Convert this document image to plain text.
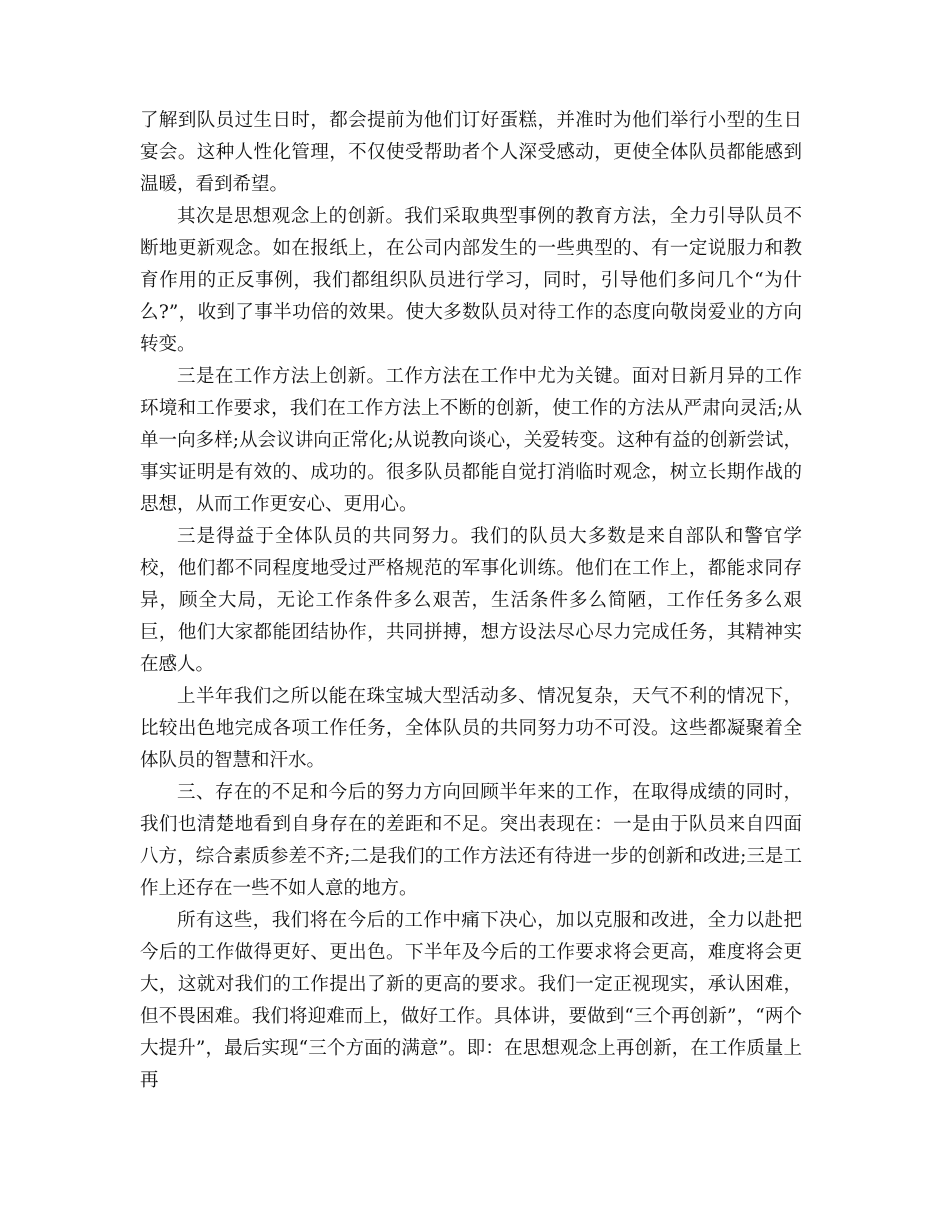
了解到队员过生日时，都会提前为他们订好蛋糕，并准时为他们举行小型的生日宴会。这种人性化管理，不仅使受帮助者个人深受感动，更使全体队员都能感到温暖，看到希望。

其次是思想观念上的创新。我们采取典型事例的教育方法，全力引导队员不断地更新观念。如在报纸上，在公司内部发生的一些典型的、有一定说服力和教育作用的正反事例，我们都组织队员进行学习，同时，引导他们多问几个“为什么?”，收到了事半功倍的效果。使大多数队员对待工作的态度向敬岗爱业的方向转变。

三是在工作方法上创新。工作方法在工作中尤为关键。面对日新月异的工作环境和工作要求，我们在工作方法上不断的创新，使工作的方法从严肃向灵活;从单一向多样;从会议讲向正常化;从说教向谈心，关爱转变。这种有益的创新尝试，事实证明是有效的、成功的。很多队员都能自觉打消临时观念，树立长期作战的思想，从而工作更安心、更用心。

三是得益于全体队员的共同努力。我们的队员大多数是来自部队和警官学校，他们都不同程度地受过严格规范的军事化训练。他们在工作上，都能求同存异，顾全大局，无论工作条件多么艰苦，生活条件多么简陋，工作任务多么艰巨，他们大家都能团结协作，共同拼搏，想方设法尽心尽力完成任务，其精神实在感人。

上半年我们之所以能在珠宝城大型活动多、情况复杂，天气不利的情况下，比较出色地完成各项工作任务，全体队员的共同努力功不可没。这些都凝聚着全体队员的智慧和汗水。

三、存在的不足和今后的努力方向回顾半年来的工作，在取得成绩的同时，我们也清楚地看到自身存在的差距和不足。突出表现在：一是由于队员来自四面八方，综合素质参差不齐;二是我们的工作方法还有待进一步的创新和改进;三是工作上还存在一些不如人意的地方。

所有这些，我们将在今后的工作中痛下决心，加以克服和改进，全力以赴把今后的工作做得更好、更出色。下半年及今后的工作要求将会更高，难度将会更大，这就对我们的工作提出了新的更高的要求。我们一定正视现实，承认困难，但不畏困难。我们将迎难而上，做好工作。具体讲，要做到“三个再创新”，“两个大提升”，最后实现“三个方面的满意”。即：在思想观念上再创新，在工作质量上再
